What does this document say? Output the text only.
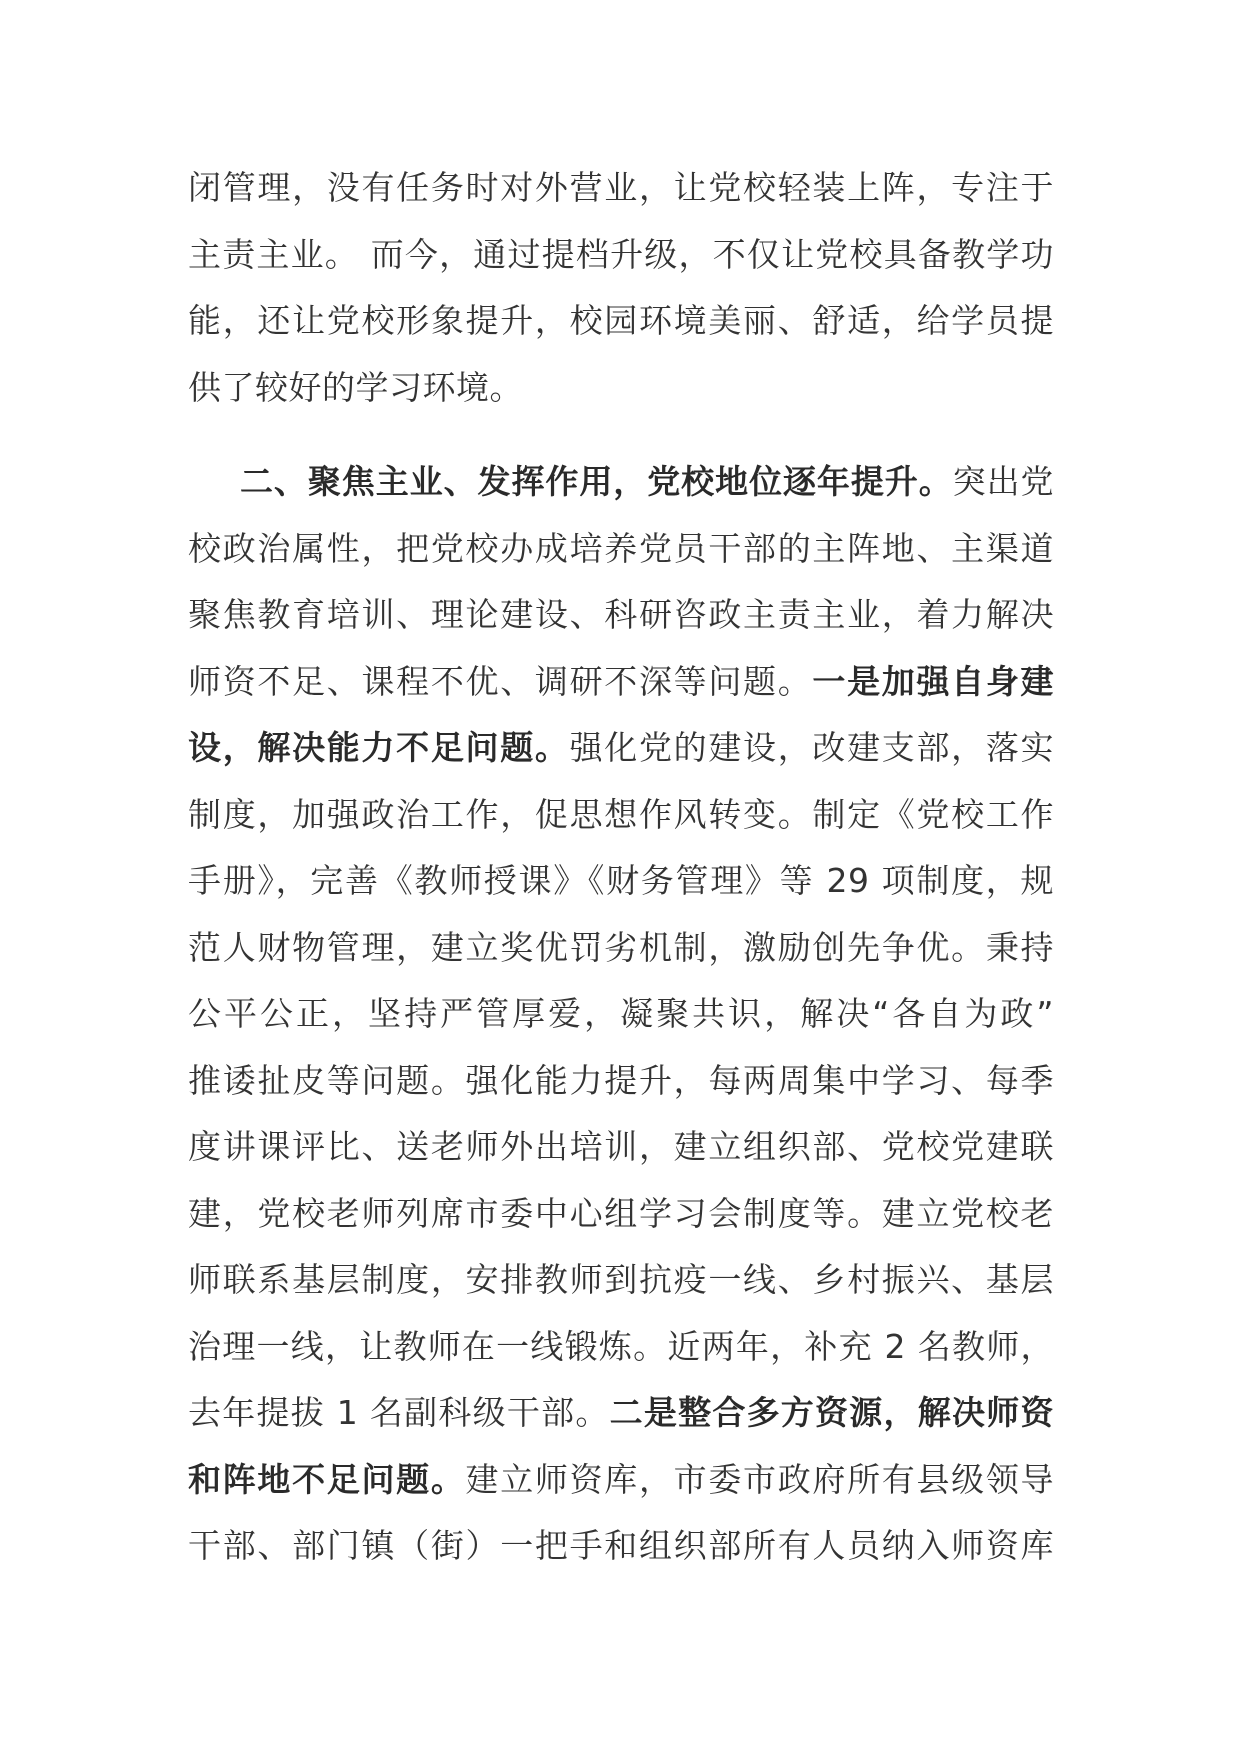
闭管理，没有任务时对外营业，让党校轻装上阵，专注于
主责主业。 而今，通过提档升级，不仅让党校具备教学功
能，还让党校形象提升，校园环境美丽、舒适，给学员提
供了较好的学习环境。
二、聚焦主业、发挥作用，党校地位逐年提升。突出党
校政治属性，把党校办成培养党员干部的主阵地、主渠道
聚焦教育培训、理论建设、科研咨政主责主业，着力解决
师资不足、课程不优、调研不深等问题。一是加强自身建
设，解决能力不足问题。强化党的建设，改建支部，落实
制度，加强政治工作，促思想作风转变。制定《党校工作
手册》，完善《教师授课》《财务管理》等 29 项制度，规
范人财物管理，建立奖优罚劣机制，激励创先争优。秉持
公平公正，坚持严管厚爱，凝聚共识，解决“各自为政”
推诿扯皮等问题。强化能力提升，每两周集中学习、每季
度讲课评比、送老师外出培训，建立组织部、党校党建联
建，党校老师列席市委中心组学习会制度等。建立党校老
师联系基层制度，安排教师到抗疫一线、乡村振兴、基层
治理一线，让教师在一线锻炼。近两年，补充 2 名教师，
去年提拔 1 名副科级干部。二是整合多方资源，解决师资
和阵地不足问题。建立师资库，市委市政府所有县级领导
干部、部门镇（街）一把手和组织部所有人员纳入师资库
